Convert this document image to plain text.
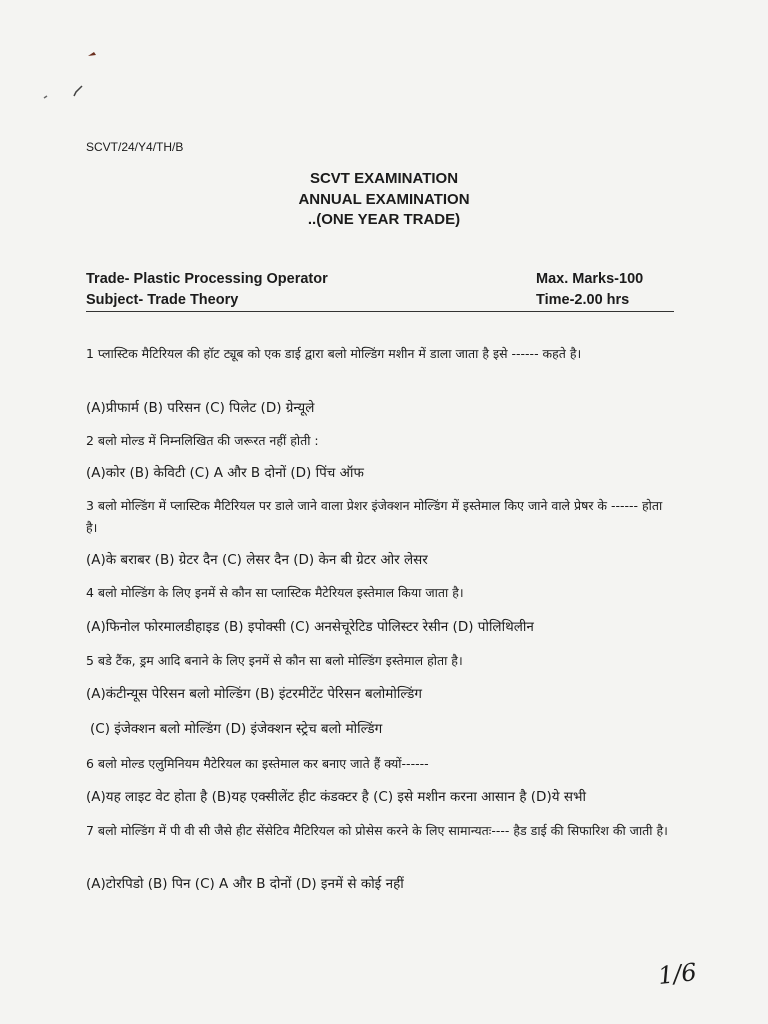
SCVT/24/Y4/TH/B
SCVT EXAMINATION
ANNUAL EXAMINATION
..(ONE YEAR TRADE)
Trade- Plastic Processing Operator
Subject- Trade Theory
Max. Marks-100
Time-2.00 hrs
1 प्लास्टिक मैटिरियल की हॉट ट्यूब को एक डाई द्वारा बलो मोल्डिंग मशीन में डाला जाता है इसे ------ कहते है।
(A)प्रीफार्म (B) परिसन (C) पिलेट (D) ग्रेन्यूले
2 बलो मोल्ड में निम्नलिखित की जरूरत नहीं होती :
(A)कोर (B) केविटी (C) A और B दोनों (D) पिंच ऑफ
3 बलो मोल्डिंग में प्लास्टिक मैटिरियल पर डाले जाने वाला प्रेशर इंजेक्शन मोल्डिंग में इस्तेमाल किए जाने वाले प्रेषर के ------ होता है।
(A)के बराबर (B) ग्रेटर दैन (C) लेसर दैन (D) केन बी ग्रेटर ओर लेसर
4 बलो मोल्डिंग के लिए इनमें से कौन सा प्लास्टिक मैटेरियल इस्तेमाल किया जाता है।
(A)फिनोल फोरमालडीहाइड (B) इपोक्सी (C) अनसेचूरेटिड पोलिस्टर रेसीन (D) पोलिथिलीन
5 बडे टैंक, ड्रम आदि बनाने के लिए इनमें से कौन सा बलो मोल्डिंग इस्तेमाल होता है।
(A)कंटीन्यूस पेरिसन बलो मोल्डिंग (B) इंटरमीटेंट पेरिसन बलोमोल्डिंग
(C) इंजेक्शन बलो मोल्डिंग (D) इंजेक्शन स्ट्रेच बलो मोल्डिंग
6 बलो मोल्ड एलुमिनियम मैटेरियल का इस्तेमाल कर बनाए जाते हैं क्यों------
(A)यह लाइट वेट होता है (B)यह एक्सीलेंट हीट कंडक्टर है (C) इसे मशीन करना आसान है (D)ये सभी
7 बलो मोल्डिंग में पी वी सी जैसे हीट सेंसेटिव मैटिरियल को प्रोसेस करने के लिए सामान्यतः---- हैड डाई की सिफारिश की जाती है।
(A)टोरपिडो (B) पिन (C) A और B दोनों (D) इनमें से कोई नहीं
1/6
